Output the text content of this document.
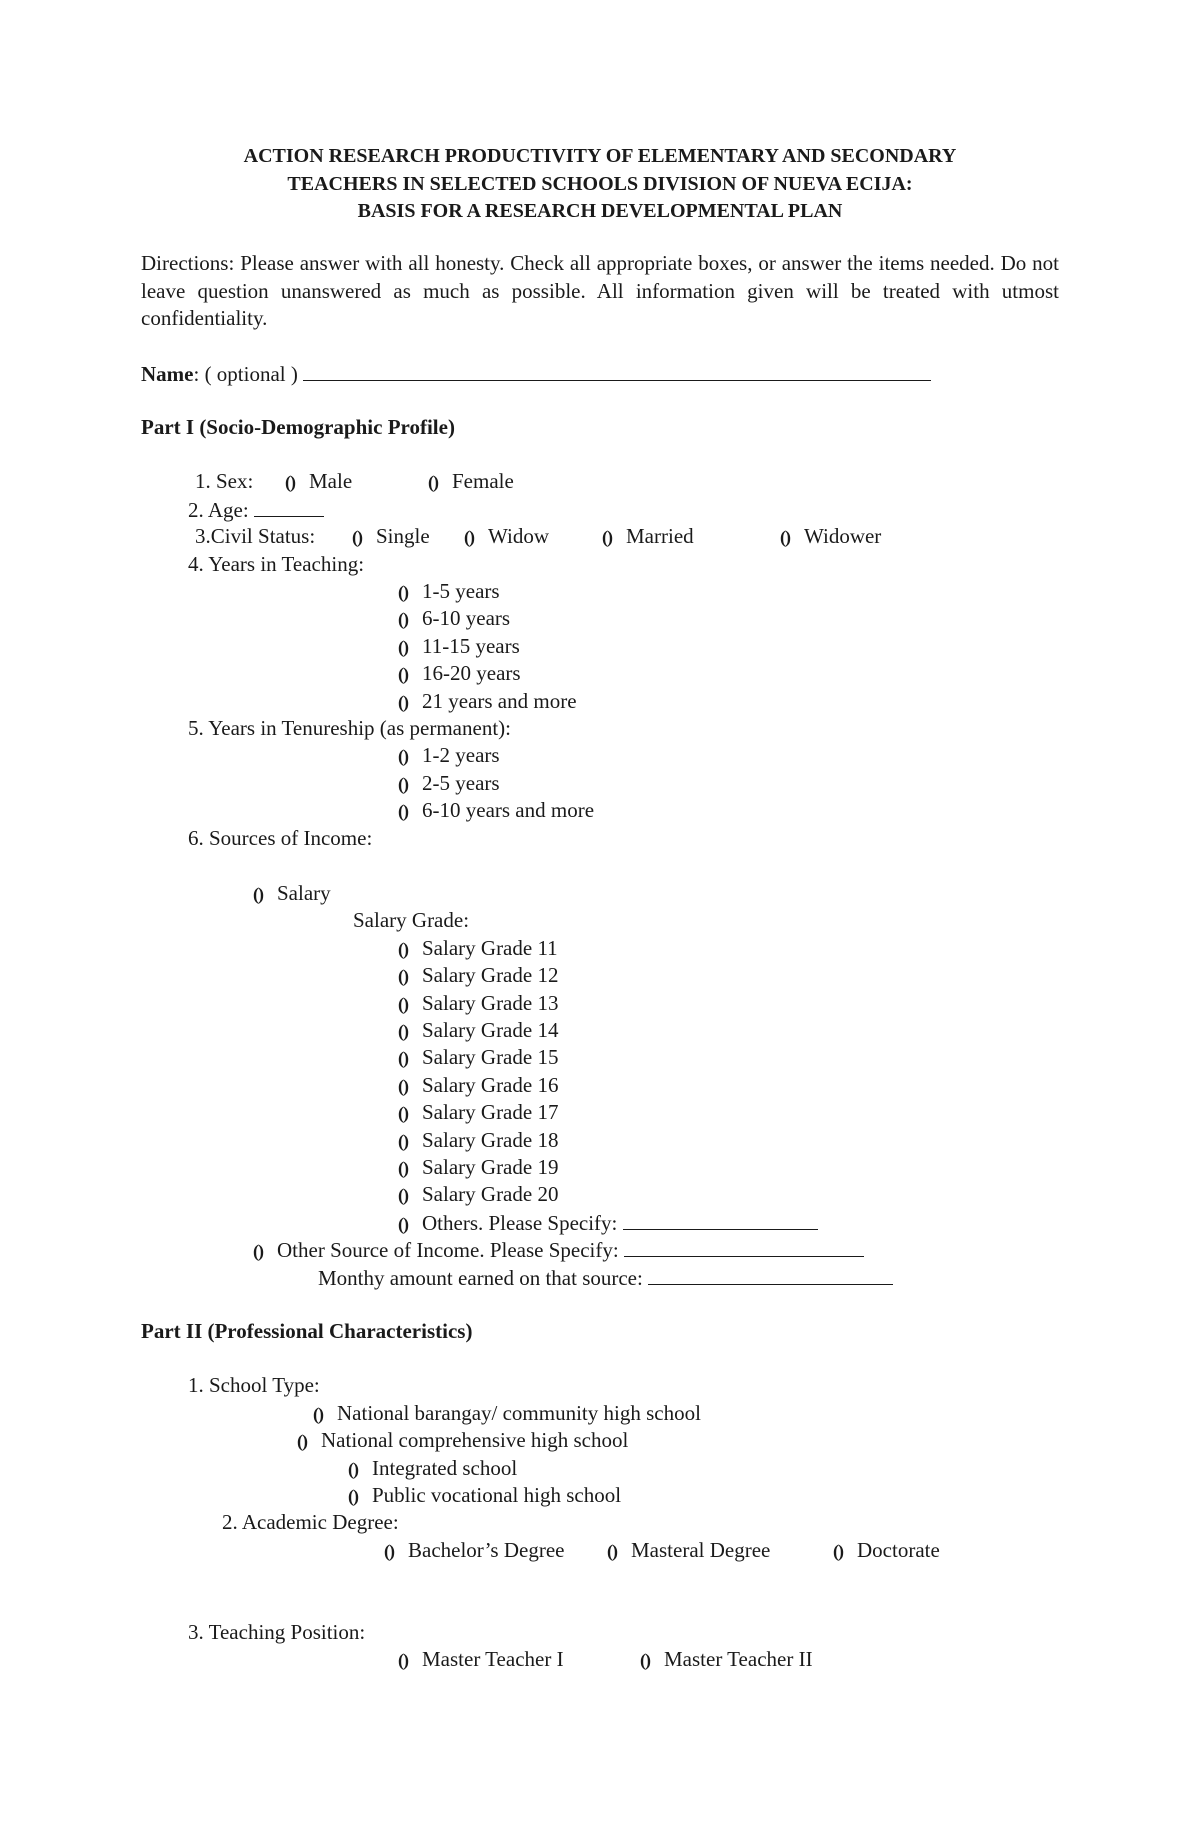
ACTION RESEARCH PRODUCTIVITY OF ELEMENTARY AND SECONDARY
TEACHERS IN SELECTED SCHOOLS DIVISION OF NUEVA ECIJA:
BASIS FOR A RESEARCH DEVELOPMENTAL PLAN
Directions: Please answer with all honesty. Check all appropriate boxes, or answer the items needed. Do not leave question unanswered as much as possible. All information given will be treated with utmost confidentiality.
Name: ( optional )
Part I (Socio-Demographic Profile)
1. Sex: () Male	() Female
2. Age:
3.Civil Status: () Single () Widow	() Married	() Widower
4. Years in Teaching:
() 1-5 years
() 6-10 years
() 11-15 years
() 16-20 years
() 21 years and more
5. Years in Tenureship (as permanent):
() 1-2 years
() 2-5 years
() 6-10 years and more
6. Sources of Income:
() Salary
Salary Grade:
() Salary Grade 11
() Salary Grade 12
() Salary Grade 13
() Salary Grade 14
() Salary Grade 15
() Salary Grade 16
() Salary Grade 17
() Salary Grade 18
() Salary Grade 19
() Salary Grade 20
() Others. Please Specify:
() Other Source of Income. Please Specify:
Monthy amount earned on that source:
Part II (Professional Characteristics)
1. School Type:
() National barangay/ community high school
() National comprehensive high school
() Integrated school
() Public vocational high school
2. Academic Degree:
() Bachelor’s Degree () Masteral Degree	() Doctorate
3. Teaching Position:
() Master Teacher I	() Master Teacher II
